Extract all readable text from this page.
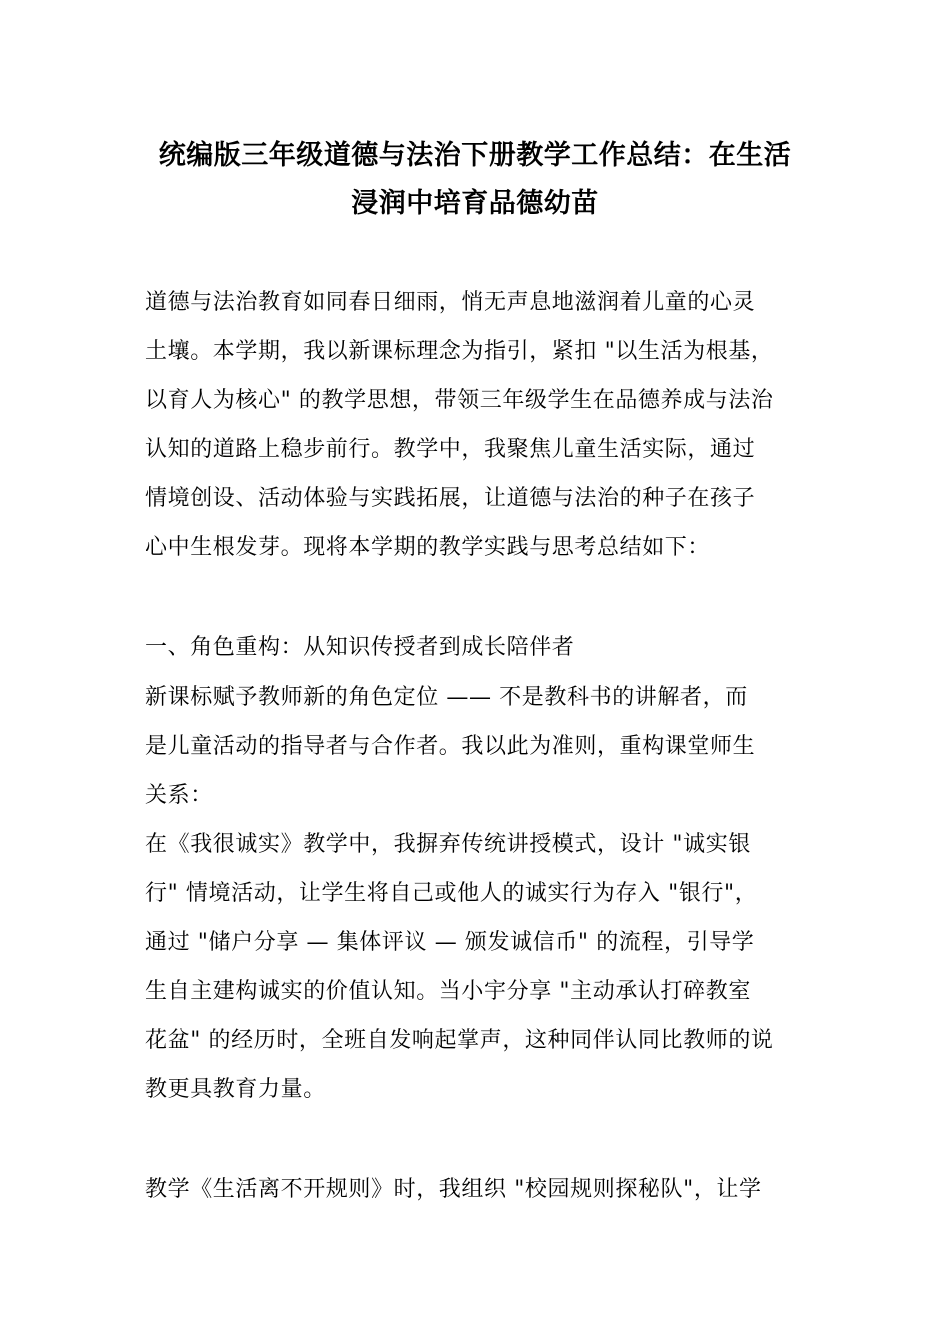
统编版三年级道德与法治下册教学工作总结：在生活
浸润中培育品德幼苗
道德与法治教育如同春日细雨，悄无声息地滋润着儿童的心灵
土壤。本学期，我以新课标理念为指引，紧扣 "以生活为根基，
以育人为核心" 的教学思想，带领三年级学生在品德养成与法治
认知的道路上稳步前行。教学中，我聚焦儿童生活实际，通过
情境创设、活动体验与实践拓展，让道德与法治的种子在孩子
心中生根发芽。现将本学期的教学实践与思考总结如下：
一、角色重构：从知识传授者到成长陪伴者
新课标赋予教师新的角色定位 —— 不是教科书的讲解者，而
是儿童活动的指导者与合作者。我以此为准则，重构课堂师生
关系：
在《我很诚实》教学中，我摒弃传统讲授模式，设计 "诚实银
行" 情境活动，让学生将自己或他人的诚实行为存入 "银行"，
通过 "储户分享 — 集体评议 — 颁发诚信币" 的流程，引导学
生自主建构诚实的价值认知。当小宇分享 "主动承认打碎教室
花盆" 的经历时，全班自发响起掌声，这种同伴认同比教师的说
教更具教育力量。
教学《生活离不开规则》时，我组织 "校园规则探秘队"，让学
